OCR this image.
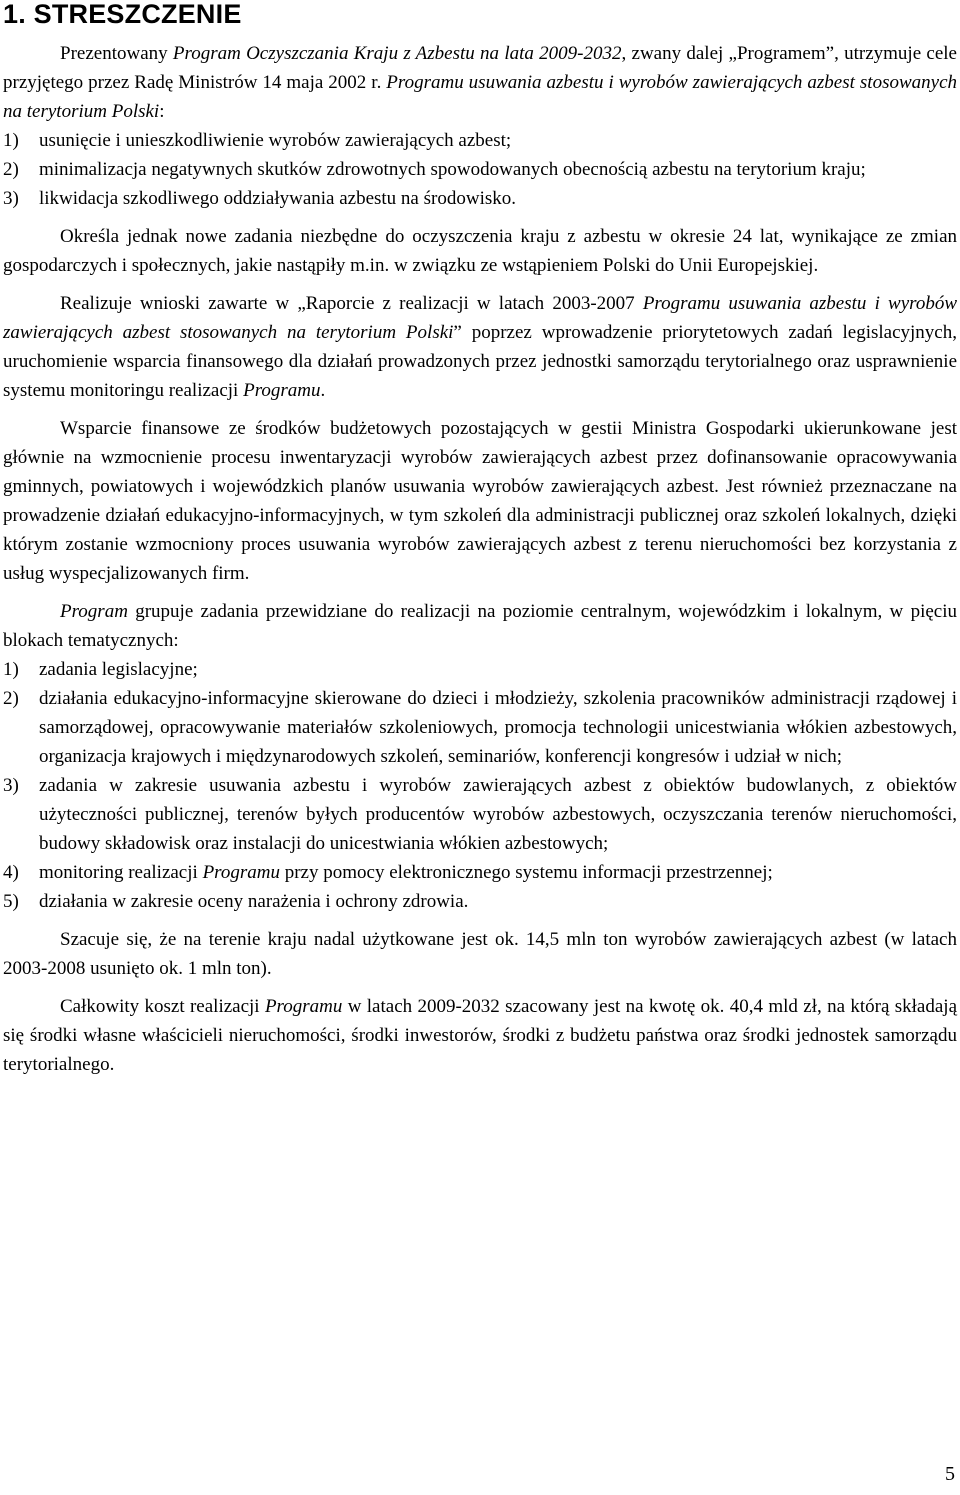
1. STRESZCZENIE

Prezentowany Program Oczyszczania Kraju z Azbestu na lata 2009-2032, zwany dalej „Programem”, utrzymuje cele przyjętego przez Radę Ministrów 14 maja 2002 r. Programu usuwania azbestu i wyrobów zawierających azbest stosowanych na terytorium Polski:

1) usunięcie i unieszkodliwienie wyrobów zawierających azbest;
2) minimalizacja negatywnych skutków zdrowotnych spowodowanych obecnością azbestu na terytorium kraju;
3) likwidacja szkodliwego oddziaływania azbestu na środowisko.

Określa jednak nowe zadania niezbędne do oczyszczenia kraju z azbestu w okresie 24 lat, wynikające ze zmian gospodarczych i społecznych, jakie nastąpiły m.in. w związku ze wstąpieniem Polski do Unii Europejskiej.

Realizuje wnioski zawarte w „Raporcie z realizacji w latach 2003-2007 Programu usuwania azbestu i wyrobów zawierających azbest stosowanych na terytorium Polski” poprzez wprowadzenie priorytetowych zadań legislacyjnych, uruchomienie wsparcia finansowego dla działań prowadzonych przez jednostki samorządu terytorialnego oraz usprawnienie systemu monitoringu realizacji Programu.

Wsparcie finansowe ze środków budżetowych pozostających w gestii Ministra Gospodarki ukierunkowane jest głównie na wzmocnienie procesu inwentaryzacji wyrobów zawierających azbest przez dofinansowanie opracowywania gminnych, powiatowych i wojewódzkich planów usuwania wyrobów zawierających azbest. Jest również przeznaczane na prowadzenie działań edukacyjno-informacyjnych, w tym szkoleń dla administracji publicznej oraz szkoleń lokalnych, dzięki którym zostanie wzmocniony proces usuwania wyrobów zawierających azbest z terenu nieruchomości bez korzystania z usług wyspecjalizowanych firm.

Program grupuje zadania przewidziane do realizacji na poziomie centralnym, wojewódzkim i lokalnym, w pięciu blokach tematycznych:

1) zadania legislacyjne;
2) działania edukacyjno-informacyjne skierowane do dzieci i młodzieży, szkolenia pracowników administracji rządowej i samorządowej, opracowywanie materiałów szkoleniowych, promocja technologii unicestwiania włókien azbestowych, organizacja krajowych i międzynarodowych szkoleń, seminariów, konferencji kongresów i udział w nich;
3) zadania w zakresie usuwania azbestu i wyrobów zawierających azbest z obiektów budowlanych, z obiektów użyteczności publicznej, terenów byłych producentów wyrobów azbestowych, oczyszczania terenów nieruchomości, budowy składowisk oraz instalacji do unicestwiania włókien azbestowych;
4) monitoring realizacji Programu przy pomocy elektronicznego systemu informacji przestrzennej;
5) działania w zakresie oceny narażenia i ochrony zdrowia.

Szacuje się, że na terenie kraju nadal użytkowane jest ok. 14,5 mln ton wyrobów zawierających azbest (w latach 2003-2008 usunięto ok. 1 mln ton).

Całkowity koszt realizacji Programu w latach 2009-2032 szacowany jest na kwotę ok. 40,4 mld zł, na którą składają się środki własne właścicieli nieruchomości, środki inwestorów, środki z budżetu państwa oraz środki jednostek samorządu terytorialnego.

5
